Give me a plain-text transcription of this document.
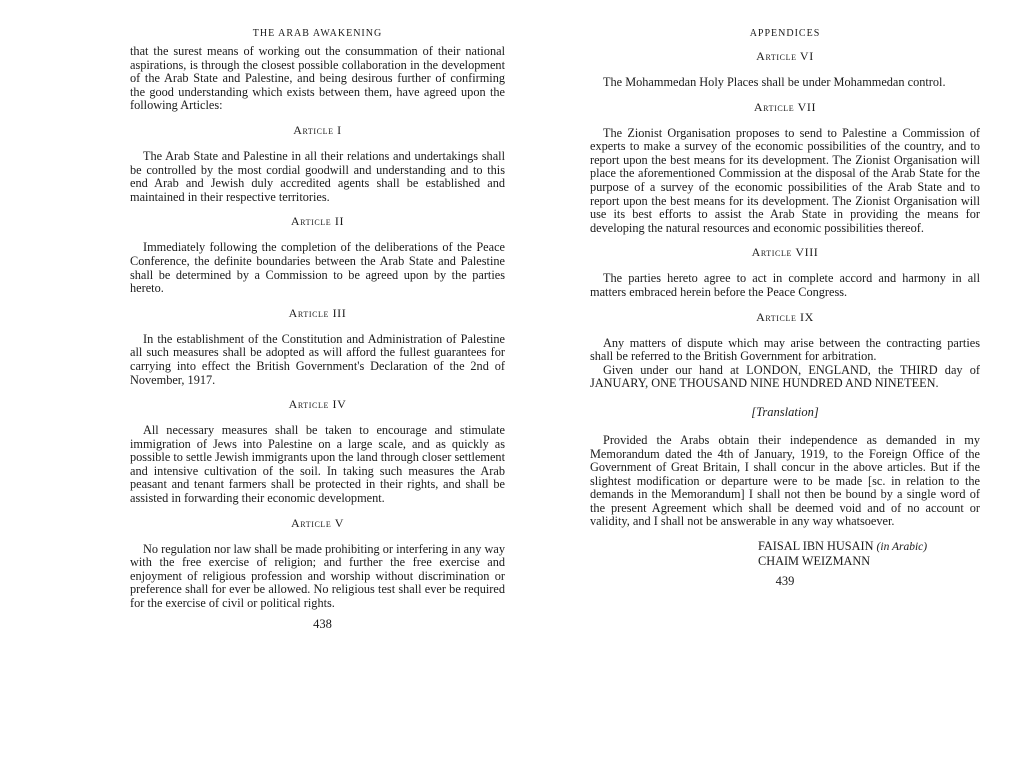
THE ARAB AWAKENING

that the surest means of working out the consummation of their national aspirations, is through the closest possible collaboration in the development of the Arab State and Palestine, and being desirous further of confirming the good understanding which exists between them, have agreed upon the following Articles:

Article I

The Arab State and Palestine in all their relations and undertakings shall be controlled by the most cordial goodwill and understanding and to this end Arab and Jewish duly accredited agents shall be established and maintained in their respective territories.

Article II

Immediately following the completion of the deliberations of the Peace Conference, the definite boundaries between the Arab State and Palestine shall be determined by a Commission to be agreed upon by the parties hereto.

Article III

In the establishment of the Constitution and Administration of Palestine all such measures shall be adopted as will afford the fullest guarantees for carrying into effect the British Government's Declaration of the 2nd of November, 1917.

Article IV

All necessary measures shall be taken to encourage and stimulate immigration of Jews into Palestine on a large scale, and as quickly as possible to settle Jewish immigrants upon the land through closer settlement and intensive cultivation of the soil. In taking such measures the Arab peasant and tenant farmers shall be protected in their rights, and shall be assisted in forwarding their economic development.

Article V

No regulation nor law shall be made prohibiting or interfering in any way with the free exercise of religion; and further the free exercise and enjoyment of religious profession and worship without discrimination or preference shall for ever be allowed. No religious test shall ever be required for the exercise of civil or political rights.

438
APPENDICES
Article VI

The Mohammedan Holy Places shall be under Mohammedan control.

Article VII

The Zionist Organisation proposes to send to Palestine a Commission of experts to make a survey of the economic possibilities of the country, and to report upon the best means for its development. The Zionist Organisation will place the aforementioned Commission at the disposal of the Arab State for the purpose of a survey of the economic possibilities of the Arab State and to report upon the best means for its development. The Zionist Organisation will use its best efforts to assist the Arab State in providing the means for developing the natural resources and economic possibilities thereof.

Article VIII

The parties hereto agree to act in complete accord and harmony in all matters embraced herein before the Peace Congress.

Article IX

Any matters of dispute which may arise between the contracting parties shall be referred to the British Government for arbitration.

Given under our hand at LONDON, ENGLAND, the THIRD day of JANUARY, ONE THOUSAND NINE HUNDRED AND NINETEEN.

[Translation]

Provided the Arabs obtain their independence as demanded in my Memorandum dated the 4th of January, 1919, to the Foreign Office of the Government of Great Britain, I shall concur in the above articles. But if the slightest modification or departure were to be made [sc. in relation to the demands in the Memorandum] I shall not then be bound by a single word of the present Agreement which shall be deemed void and of no account or validity, and I shall not be answerable in any way whatsoever.

FAISAL IBN HUSAIN (in Arabic)
CHAIM WEIZMANN
439
